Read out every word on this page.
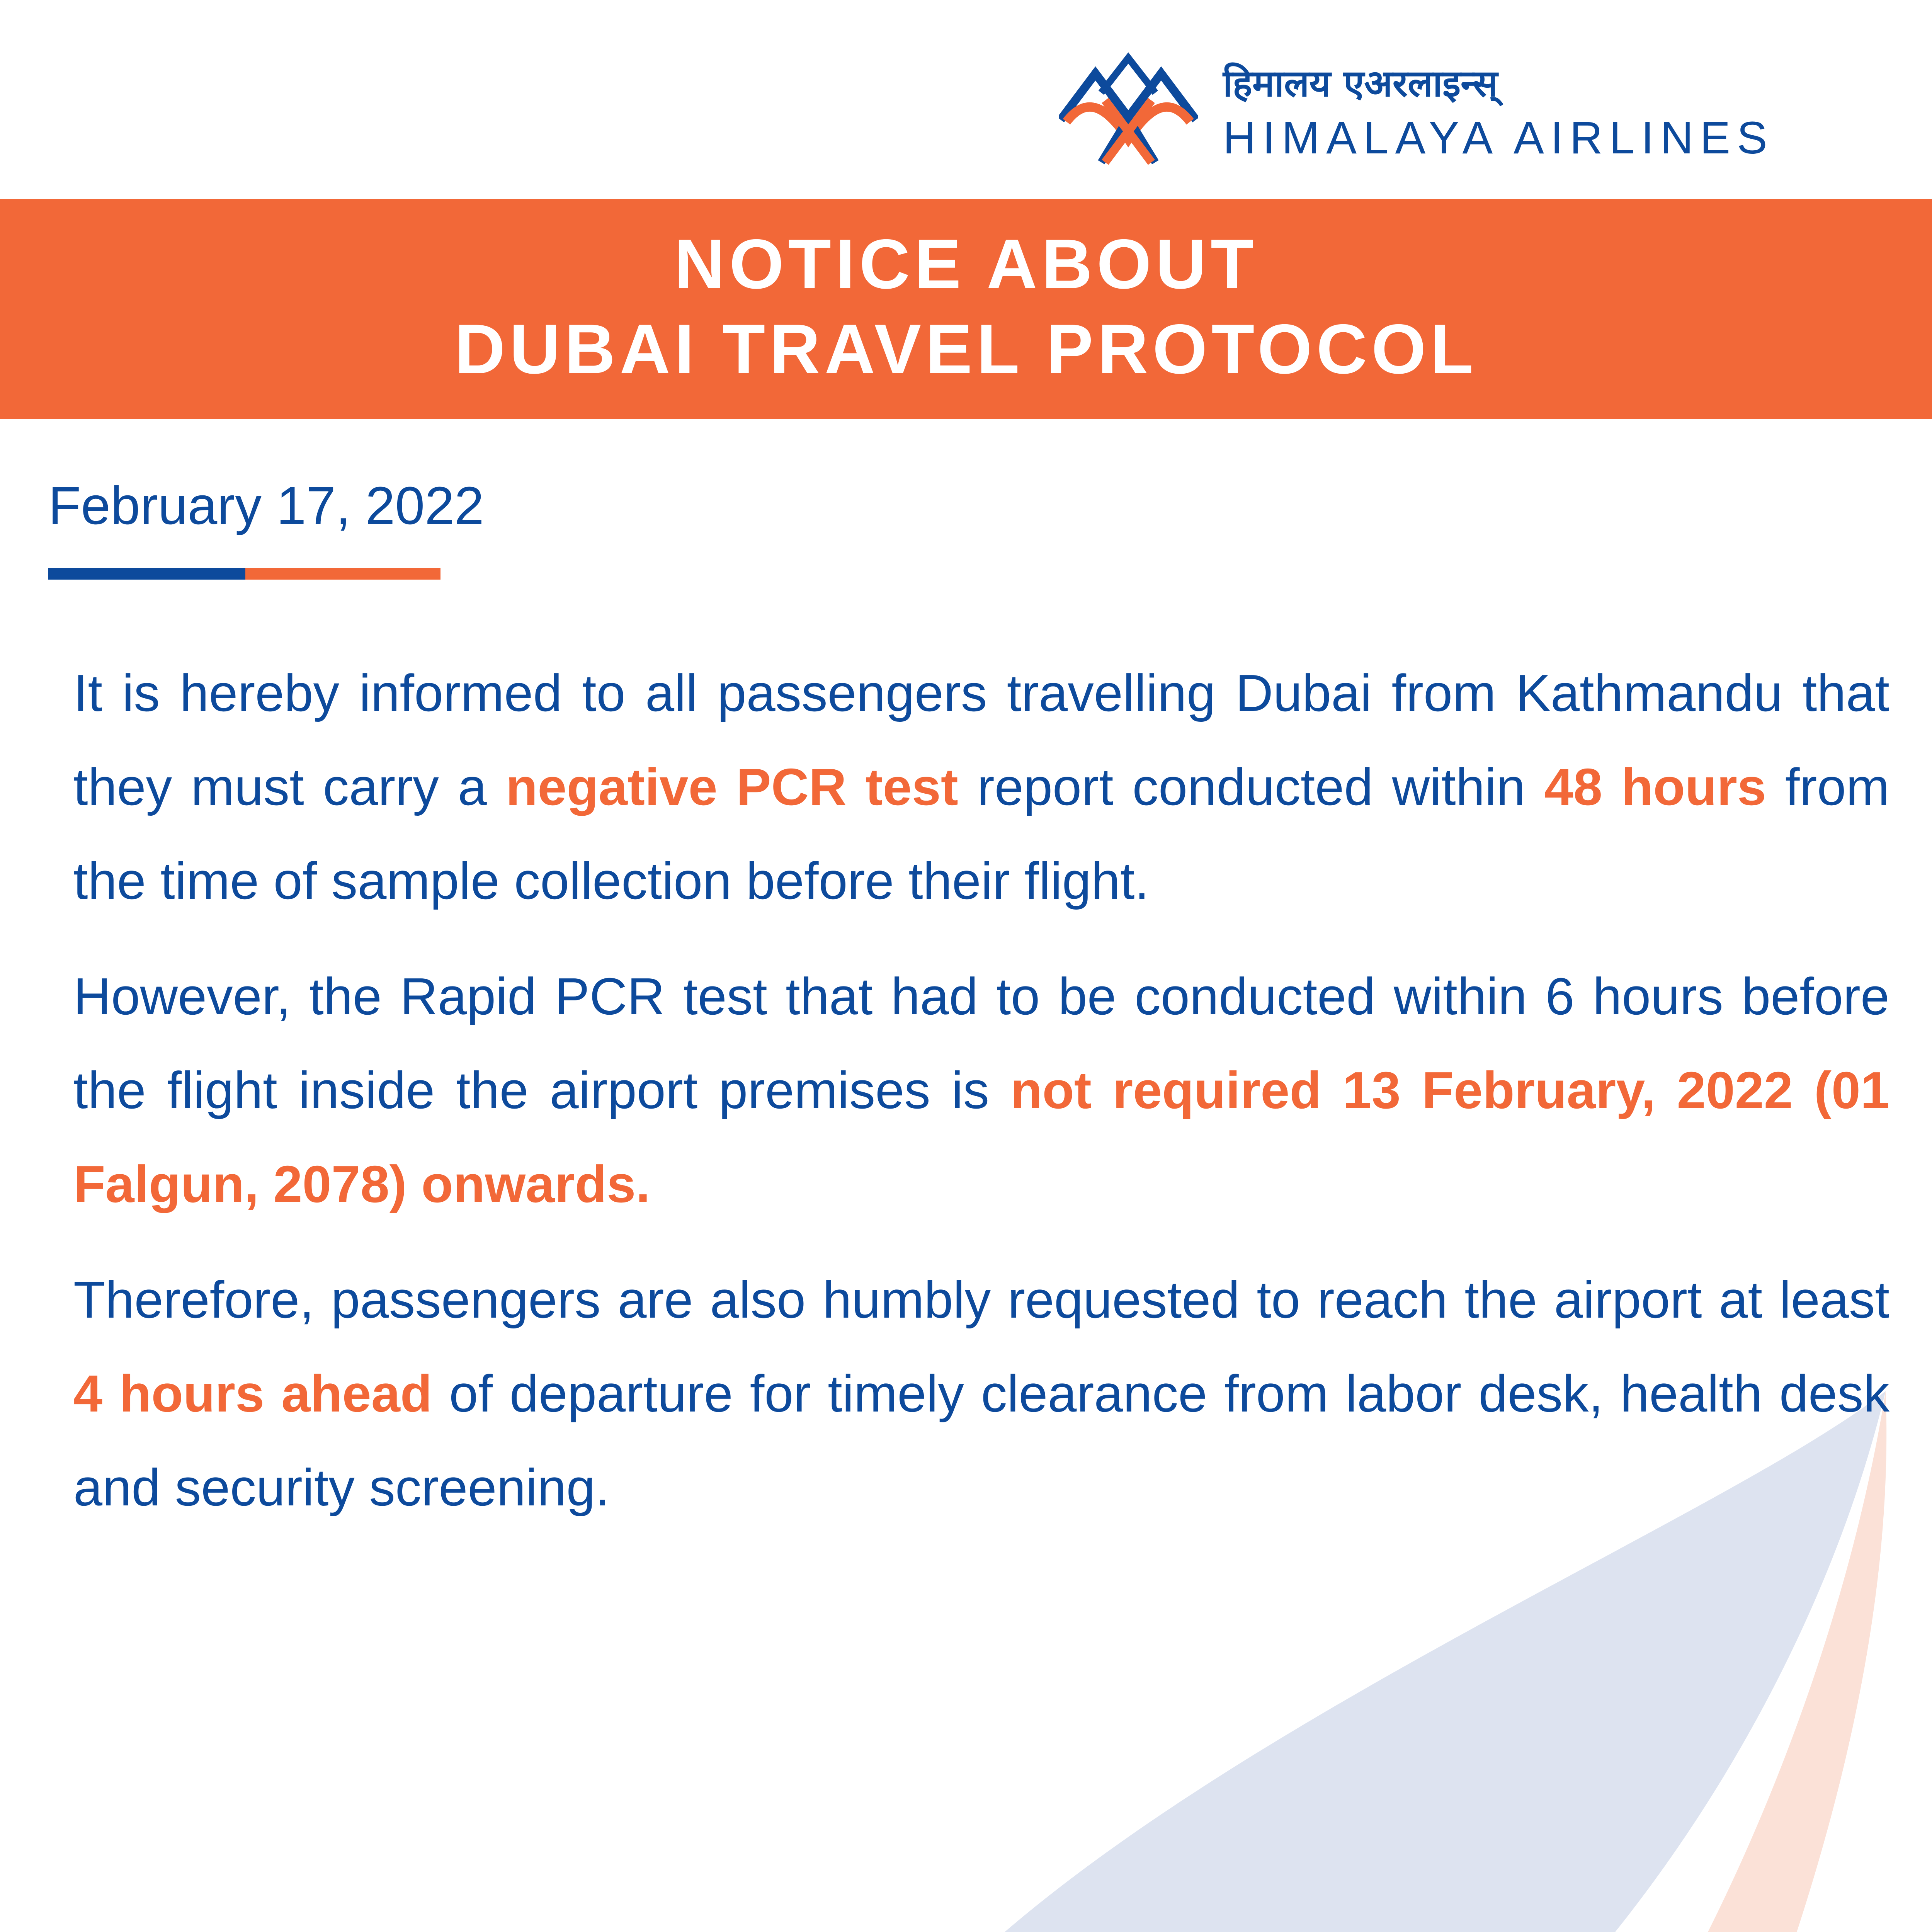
हिमालय एअरलाइन्स्
HIMALAYA AIRLINES
NOTICE ABOUT
DUBAI TRAVEL PROTOCOL
February 17, 2022

It is hereby informed to all passengers travelling Dubai from Kathmandu that they must carry a negative PCR test report conducted within 48 hours from the time of sample collection before their flight.

However, the Rapid PCR test that had to be conducted within 6 hours before the flight inside the airport premises is not required 13 February, 2022 (01 Falgun, 2078) onwards.

Therefore, passengers are also humbly requested to reach the airport at least 4 hours ahead of departure for timely clearance from labor desk, health desk and security screening.
